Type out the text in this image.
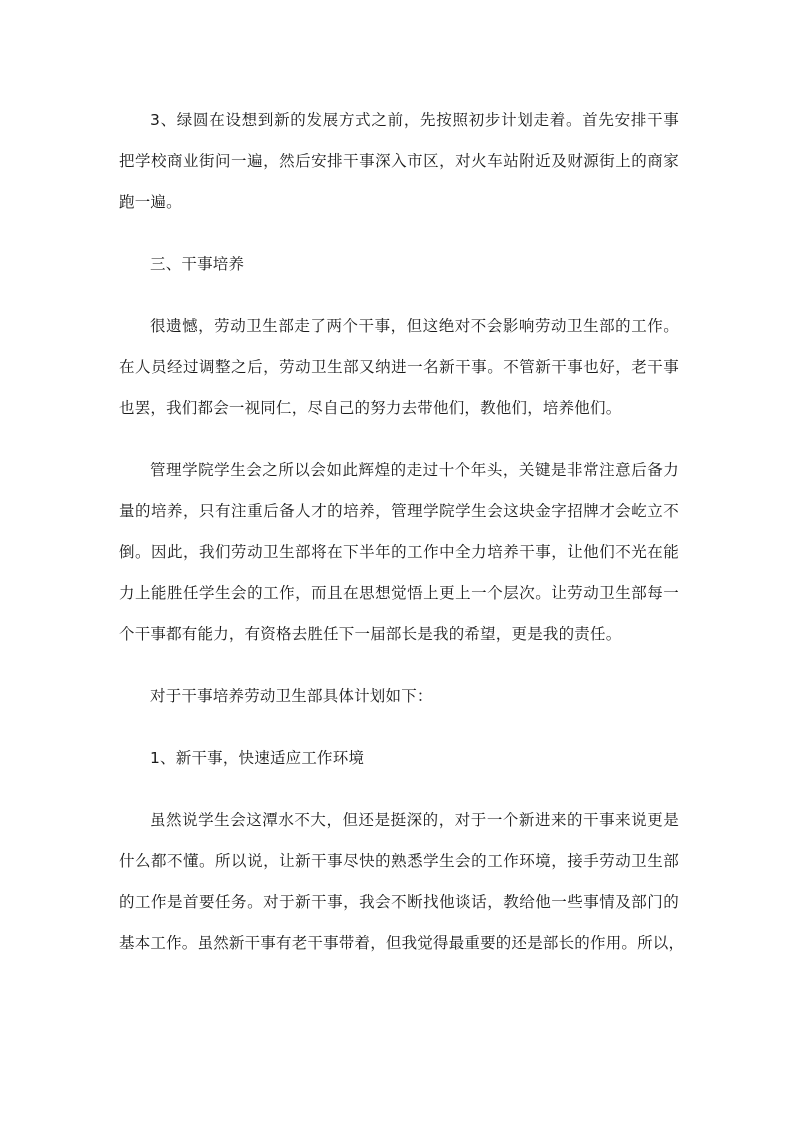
3、绿圆在设想到新的发展方式之前，先按照初步计划走着。首先安排干事
把学校商业街问一遍，然后安排干事深入市区，对火车站附近及财源街上的商家
跑一遍。
三、干事培养
很遗憾，劳动卫生部走了两个干事，但这绝对不会影响劳动卫生部的工作。
在人员经过调整之后，劳动卫生部又纳进一名新干事。不管新干事也好，老干事
也罢，我们都会一视同仁，尽自己的努力去带他们，教他们，培养他们。
管理学院学生会之所以会如此辉煌的走过十个年头，关键是非常注意后备力
量的培养，只有注重后备人才的培养，管理学院学生会这块金字招牌才会屹立不
倒。因此，我们劳动卫生部将在下半年的工作中全力培养干事，让他们不光在能
力上能胜任学生会的工作，而且在思想觉悟上更上一个层次。让劳动卫生部每一
个干事都有能力，有资格去胜任下一届部长是我的希望，更是我的责任。
对于干事培养劳动卫生部具体计划如下：
1、新干事，快速适应工作环境
虽然说学生会这潭水不大，但还是挺深的，对于一个新进来的干事来说更是
什么都不懂。所以说，让新干事尽快的熟悉学生会的工作环境，接手劳动卫生部
的工作是首要任务。对于新干事，我会不断找他谈话，教给他一些事情及部门的
基本工作。虽然新干事有老干事带着，但我觉得最重要的还是部长的作用。所以，
